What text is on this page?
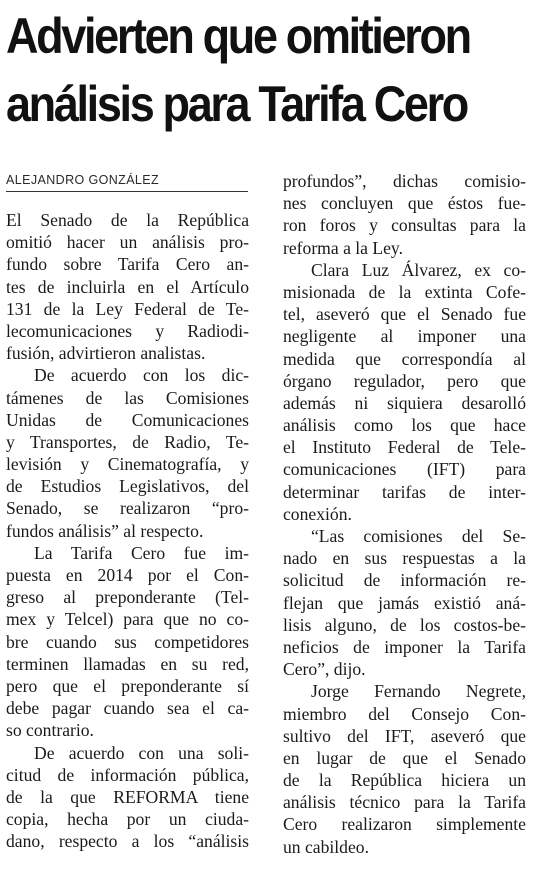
Advierten que omitieron
análisis para Tarifa Cero
ALEJANDRO GONZÁLEZ
El Senado de la República
omitió hacer un análisis pro-
fundo sobre Tarifa Cero an-
tes de incluirla en el Artículo
131 de la Ley Federal de Te-
lecomunicaciones y Radiodi-
fusión, advirtieron analistas.
De acuerdo con los dic-
támenes de las Comisiones
Unidas de Comunicaciones
y Transportes, de Radio, Te-
levisión y Cinematografía, y
de Estudios Legislativos, del
Senado, se realizaron “pro-
fundos análisis” al respecto.
La Tarifa Cero fue im-
puesta en 2014 por el Con-
greso al preponderante (Tel-
mex y Telcel) para que no co-
bre cuando sus competidores
terminen llamadas en su red,
pero que el preponderante sí
debe pagar cuando sea el ca-
so contrario.
De acuerdo con una soli-
citud de información pública,
de la que REFORMA tiene
copia, hecha por un ciuda-
dano, respecto a los “análisis
profundos”, dichas comisio-
nes concluyen que éstos fue-
ron foros y consultas para la
reforma a la Ley.
Clara Luz Álvarez, ex co-
misionada de la extinta Cofe-
tel, aseveró que el Senado fue
negligente al imponer una
medida que correspondía al
órgano regulador, pero que
además ni siquiera desarolló
análisis como los que hace
el Instituto Federal de Tele-
comunicaciones (IFT) para
determinar tarifas de inter-
conexión.
“Las comisiones del Se-
nado en sus respuestas a la
solicitud de información re-
flejan que jamás existió aná-
lisis alguno, de los costos-be-
neficios de imponer la Tarifa
Cero”, dijo.
Jorge Fernando Negrete,
miembro del Consejo Con-
sultivo del IFT, aseveró que
en lugar de que el Senado
de la República hiciera un
análisis técnico para la Tarifa
Cero realizaron simplemente
un cabildeo.
